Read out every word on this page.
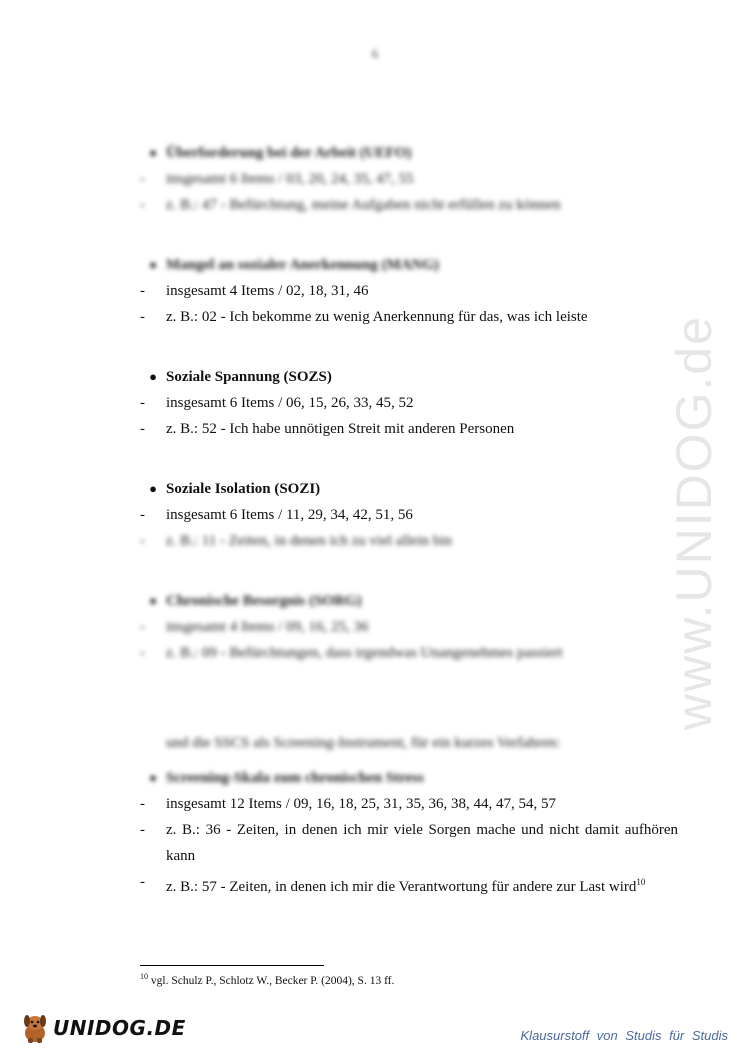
6
www.UNIDOG.de
● Überforderung bei der Arbeit (UEFO)
-	insgesamt 6 Items / 03, 20, 24, 35, 47, 55
-	z. B.: 47 - Befürchtung, meine Aufgaben nicht erfüllen zu können
● Mangel an sozialer Anerkennung (MANG)
-	insgesamt 4 Items / 02, 18, 31, 46
-	z. B.: 02 - Ich bekomme zu wenig Anerkennung für das, was ich leiste
● Soziale Spannung (SOZS)
-	insgesamt 6 Items / 06, 15, 26, 33, 45, 52
-	z. B.: 52 - Ich habe unnötigen Streit mit anderen Personen
● Soziale Isolation (SOZI)
-	insgesamt 6 Items / 11, 29, 34, 42, 51, 56
-	z. B.: 11 - Zeiten, in denen ich zu viel allein bin
● Chronische Besorgnis (SORG)
-	insgesamt 4 Items / 09, 16, 25, 36
-	z. B.: 09 - Befürchtungen, dass irgendwas Unangenehmes passiert
und die SSCS als Screening-Instrument, für ein kurzes Verfahren:
● Screening-Skala zum chronischen Stress
-	insgesamt 12 Items / 09, 16, 18, 25, 31, 35, 36, 38, 44, 47, 54, 57
-	z. B.: 36 - Zeiten, in denen ich mir viele Sorgen mache und nicht damit aufhören
kann
-	z. B.: 57 - Zeiten, in denen ich mir die Verantwortung für andere zur Last wird$^{10}$
$^{10}$ vgl. Schulz P., Schlotz W., Becker P. (2004), S. 13 ff.
UNIDOG.DE	Klausurstoff von Studis für Studis
